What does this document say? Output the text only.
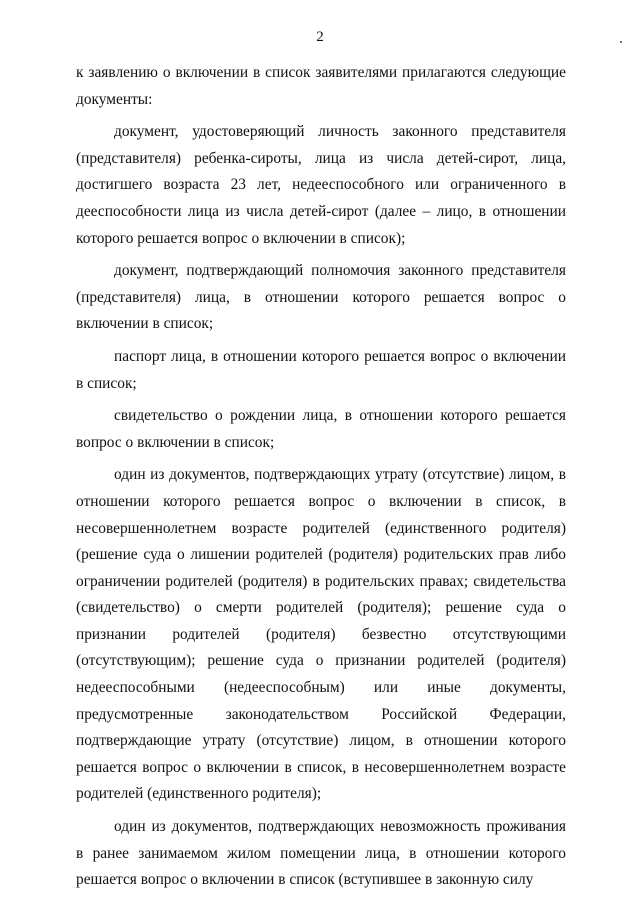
2

к заявлению о включении в список заявителями прилагаются следующие документы:

документ, удостоверяющий личность законного представителя (представителя) ребенка-сироты, лица из числа детей-сирот, лица, достигшего возраста 23 лет, недееспособного или ограниченного в дееспособности лица из числа детей-сирот (далее – лицо, в отношении которого решается вопрос о включении в список);

документ, подтверждающий полномочия законного представителя (представителя) лица, в отношении которого решается вопрос о включении в список;

паспорт лица, в отношении которого решается вопрос о включении в список;

свидетельство о рождении лица, в отношении которого решается вопрос о включении в список;

один из документов, подтверждающих утрату (отсутствие) лицом, в отношении которого решается вопрос о включении в список, в несовершеннолетнем возрасте родителей (единственного родителя) (решение суда о лишении родителей (родителя) родительских прав либо ограничении родителей (родителя) в родительских правах; свидетельства (свидетельство) о смерти родителей (родителя); решение суда о признании родителей (родителя) безвестно отсутствующими (отсутствующим); решение суда о признании родителей (родителя) недееспособными (недееспособным) или иные документы, предусмотренные законодательством Российской Федерации, подтверждающие утрату (отсутствие) лицом, в отношении которого решается вопрос о включении в список, в несовершеннолетнем возрасте родителей (единственного родителя);

один из документов, подтверждающих невозможность проживания в ранее занимаемом жилом помещении лица, в отношении которого решается вопрос о включении в список (вступившее в законную силу
